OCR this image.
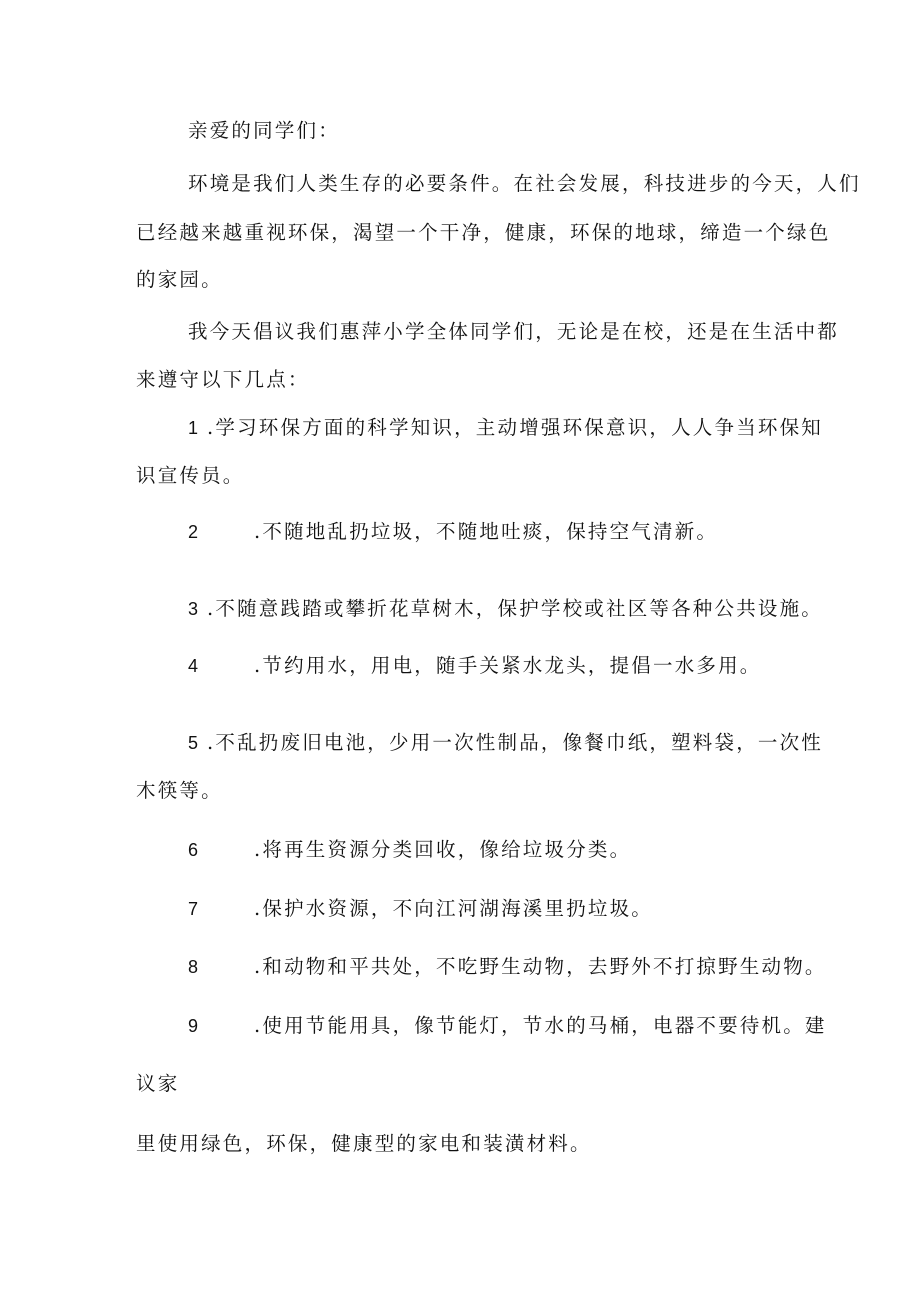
亲爱的同学们：
环境是我们人类生存的必要条件。在社会发展，科技进步的今天，人们
已经越来越重视环保，渴望一个干净，健康，环保的地球，缔造一个绿色
的家园。
我今天倡议我们惠萍小学全体同学们，无论是在校，还是在生活中都
来遵守以下几点：
1 .学习环保方面的科学知识，主动增强环保意识，人人争当环保知
识宣传员。
2	.不随地乱扔垃圾，不随地吐痰，保持空气清新。
3 .不随意践踏或攀折花草树木，保护学校或社区等各种公共设施。
4	.节约用水，用电，随手关紧水龙头，提倡一水多用。
5 .不乱扔废旧电池，少用一次性制品，像餐巾纸，塑料袋，一次性
木筷等。
6	.将再生资源分类回收，像给垃圾分类。
7	.保护水资源，不向江河湖海溪里扔垃圾。
8	.和动物和平共处，不吃野生动物，去野外不打掠野生动物。
9	.使用节能用具，像节能灯，节水的马桶，电器不要待机。建
议家
里使用绿色，环保，健康型的家电和装潢材料。
